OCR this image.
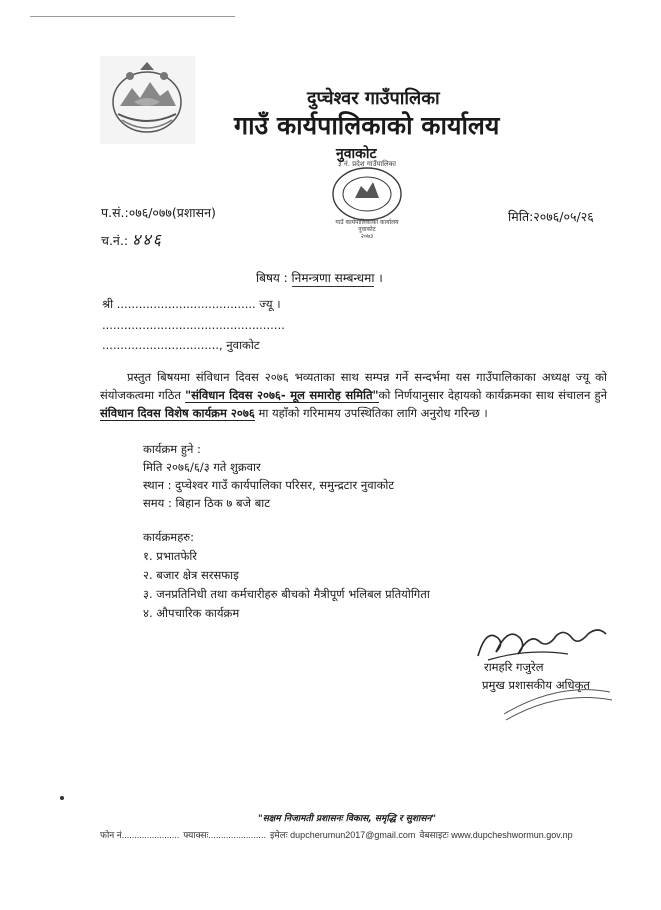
दुप्चेश्वर गाउँपालिका
गाउँ कार्यपालिकाको कार्यालय
नुवाकोट
३ नं. प्रदेश गाउँपालिका
गाउँ कार्यपालिकाको कार्यालय
नुवाकोट
२०७३
प.सं.:०७६/०७७(प्रशासन)
च.नं.: ४४६
मिति:२०७६/०५/२६
बिषय : निमन्त्रणा सम्बन्धमा ।
श्री ...................................... ज्यू ।
..................................................
................................, नुवाकोट
प्रस्तुत बिषयमा संविधान दिवस २०७६ भव्यताका साथ सम्पन्न गर्ने सन्दर्भमा यस गाउँपालिकाका अध्यक्ष ज्यू को संयोजकत्वमा गठित "संविधान दिवस २०७६- मूल समारोह समिति"को निर्णयानुसार देहायको कार्यक्रमका साथ संचालन हुने संविधान दिवस विशेष कार्यक्रम २०७६ मा यहाँको गरिमामय उपस्थितिका लागि अनुरोध गरिन्छ ।
कार्यक्रम हुने :
मिति २०७६/६/३ गते शुक्रवार
स्थान : दुप्चेश्वर गाउँ कार्यपालिका परिसर, समुन्द्रटार नुवाकोट
समय : बिहान ठिक ७ बजे बाट
कार्यक्रमहरु:
१. प्रभातफेरि
२. बजार क्षेत्र सरसफाइ
३. जनप्रतिनिधी तथा कर्मचारीहरु बीचको मैत्रीपूर्ण भलिबल प्रतियोगिता
४. औपचारिक कार्यक्रम
रामहरि गजुरेल
प्रमुख प्रशासकीय अधिकृत
"सक्षम निजामती प्रशासनः विकास, समृद्धि र सुशासन"
फोन नं....................... फ्याक्सः....................... इमेलः dupcherumun2017@gmail.com वेबसाइटः www.dupcheshwormun.gov.np
